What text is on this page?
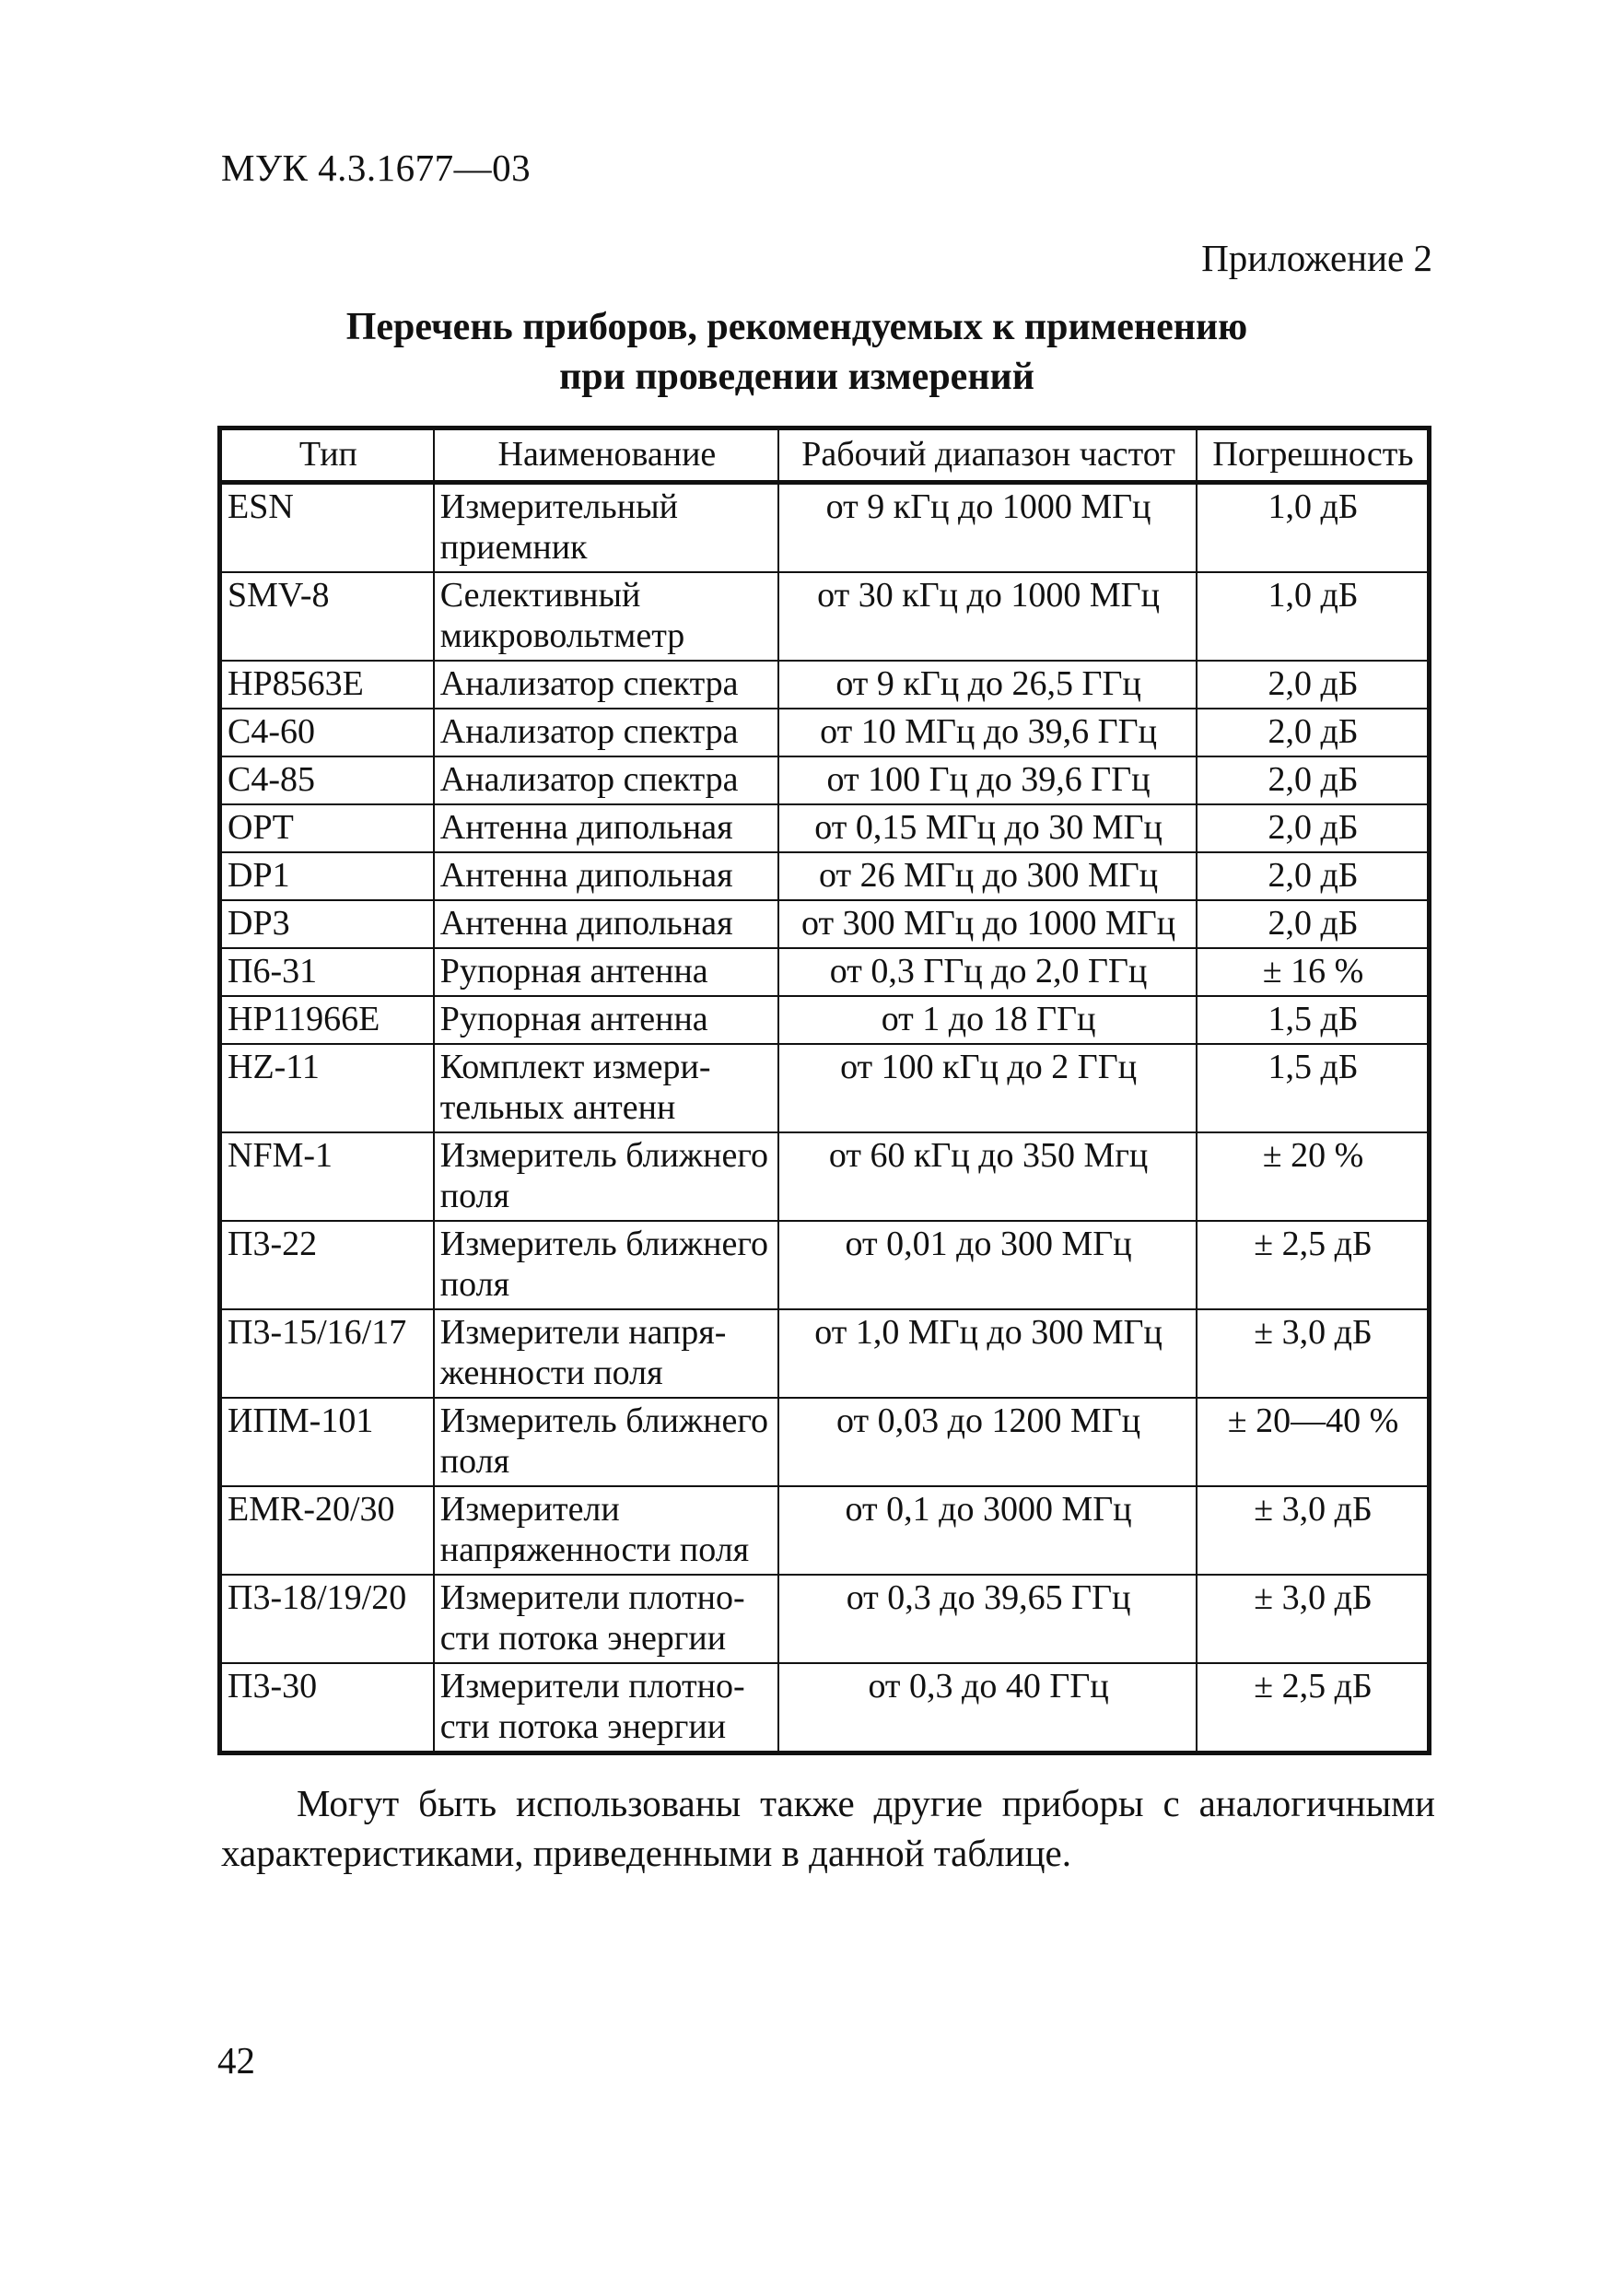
МУК 4.3.1677—03
Приложение 2
Перечень приборов, рекомендуемых к применению
при проведении измерений
Тип	Наименование	Рабочий диапазон частот	Погрешность
ESN	Измерительный приемник	от 9 кГц до 1000 МГц	1,0 дБ
SMV-8	Селективный микровольтметр	от 30 кГц до 1000 МГц	1,0 дБ
HP8563E	Анализатор спектра	от 9 кГц до 26,5 ГГц	2,0 дБ
С4-60	Анализатор спектра	от 10 МГц до 39,6 ГГц	2,0 дБ
С4-85	Анализатор спектра	от 100 Гц до 39,6 ГГц	2,0 дБ
OPT	Антенна дипольная	от 0,15 МГц до 30 МГц	2,0 дБ
DP1	Антенна дипольная	от 26 МГц до 300 МГц	2,0 дБ
DP3	Антенна дипольная	от 300 МГц до 1000 МГц	2,0 дБ
П6-31	Рупорная антенна	от 0,3 ГГц до 2,0 ГГц	± 16 %
HP11966E	Рупорная антенна	от 1 до 18 ГГц	1,5 дБ
HZ-11	Комплект измери-тельных антенн	от 100 кГц до 2 ГГц	1,5 дБ
NFM-1	Измеритель ближнего поля	от 60 кГц до 350 Мгц	± 20 %
П3-22	Измеритель ближнего поля	от 0,01 до 300 МГц	± 2,5 дБ
П3-15/16/17	Измерители напря-женности поля	от 1,0 МГц до 300 МГц	± 3,0 дБ
ИПМ-101	Измеритель ближнего поля	от 0,03 до 1200 МГц	± 20—40 %
EMR-20/30	Измерители напряженности поля	от 0,1 до 3000 МГц	± 3,0 дБ
П3-18/19/20	Измерители плотно-сти потока энергии	от 0,3 до 39,65 ГГц	± 3,0 дБ
П3-30	Измерители плотно-сти потока энергии	от 0,3 до 40 ГГц	± 2,5 дБ
Могут быть использованы также другие приборы с аналогичными характеристиками, приведенными в данной таблице.
42
